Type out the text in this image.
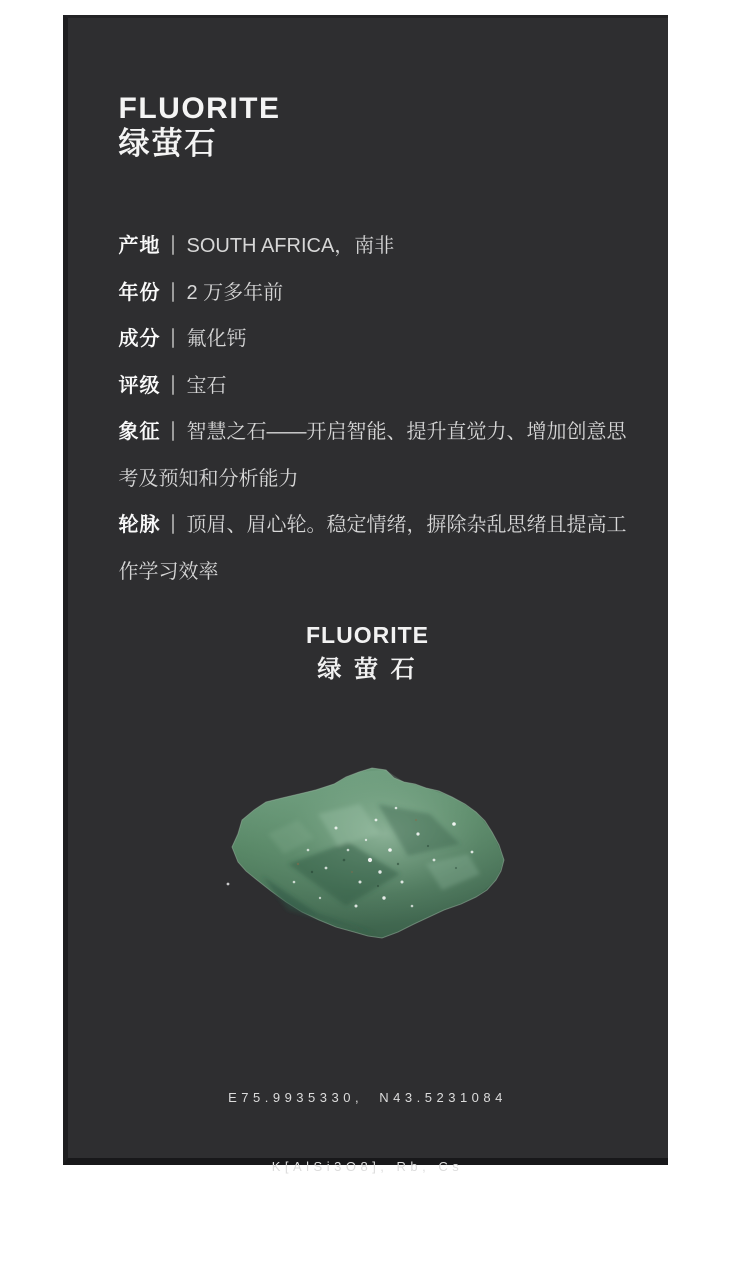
FLUORITE
绿萤石

产地 SOUTH AFRICA，南非

年份 2 万多年前

成分 氟化钙

评级 宝石

象征 智慧之石——开启智能、提升直觉力、增加创意思考及预知和分析能力

轮脉 顶眉、眉心轮。稳定情绪，摒除杂乱思绪且提高工作学习效率

FLUORITE
绿 萤 石

E75.9935330,  N43.5231084

K[AlSi3O8], Rb, Cs
